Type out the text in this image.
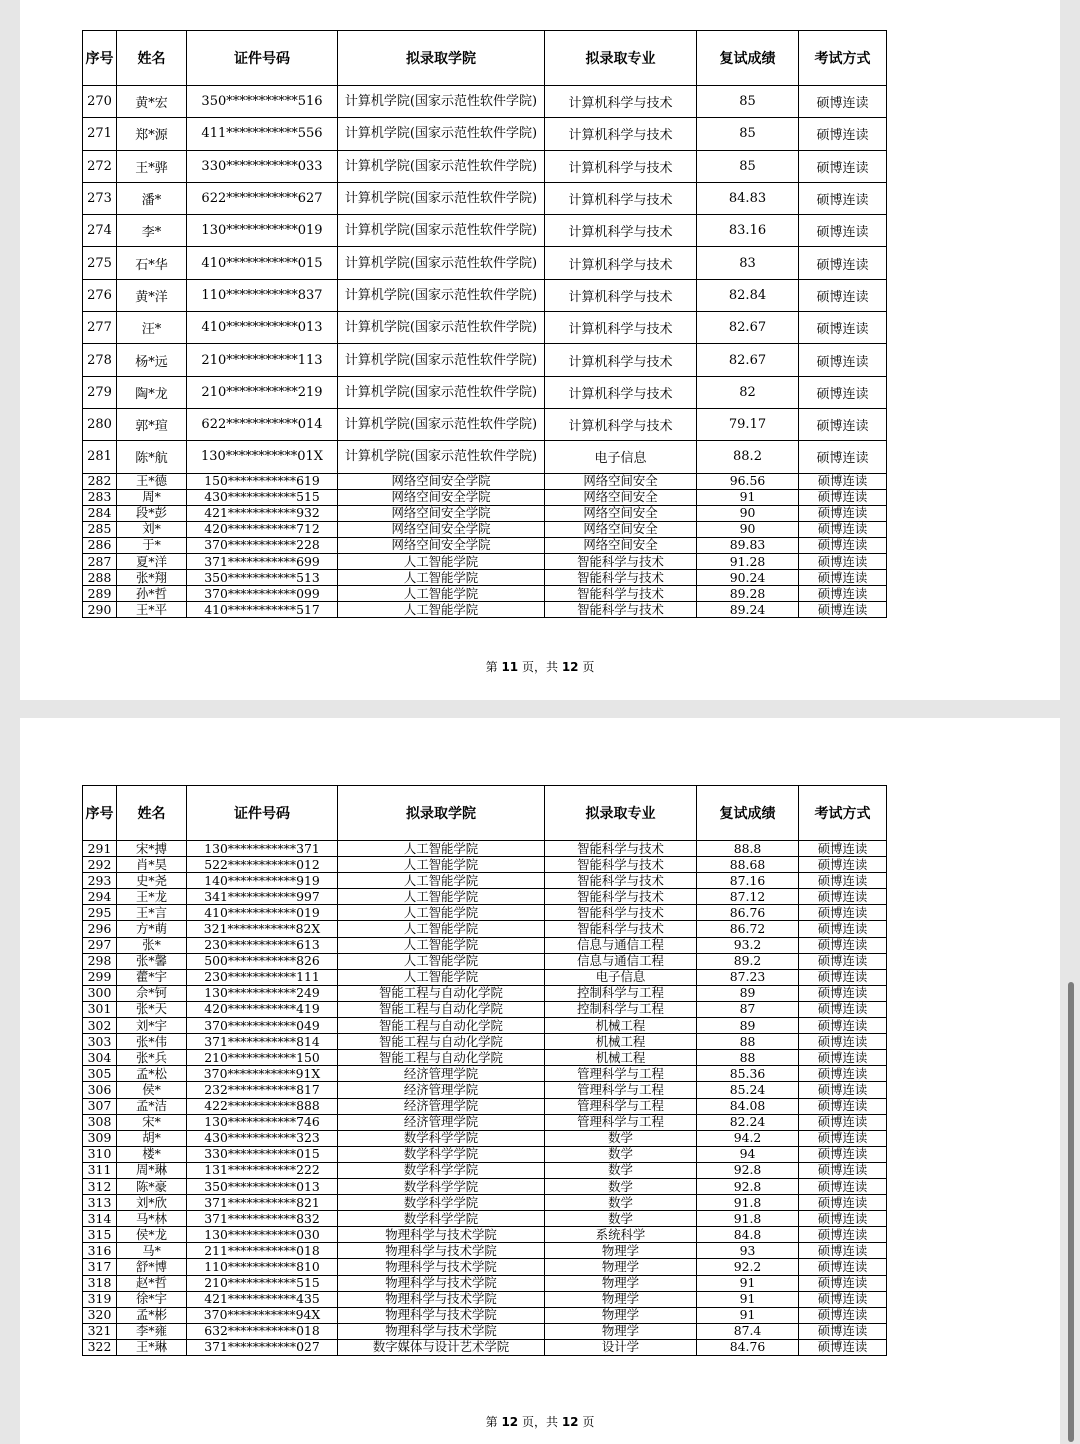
序号	姓名	证件号码	拟录取学院	拟录取专业	复试成绩	考试方式
270	黄*宏	350***********516	计算机学院(国家示范性软件学院)	计算机科学与技术	85	硕博连读
271	郑*源	411***********556	计算机学院(国家示范性软件学院)	计算机科学与技术	85	硕博连读
272	王*骅	330***********033	计算机学院(国家示范性软件学院)	计算机科学与技术	85	硕博连读
273	潘*	622***********627	计算机学院(国家示范性软件学院)	计算机科学与技术	84.83	硕博连读
274	李*	130***********019	计算机学院(国家示范性软件学院)	计算机科学与技术	83.16	硕博连读
275	石*华	410***********015	计算机学院(国家示范性软件学院)	计算机科学与技术	83	硕博连读
276	黄*洋	110***********837	计算机学院(国家示范性软件学院)	计算机科学与技术	82.84	硕博连读
277	汪*	410***********013	计算机学院(国家示范性软件学院)	计算机科学与技术	82.67	硕博连读
278	杨*远	210***********113	计算机学院(国家示范性软件学院)	计算机科学与技术	82.67	硕博连读
279	陶*龙	210***********219	计算机学院(国家示范性软件学院)	计算机科学与技术	82	硕博连读
280	郭*瑄	622***********014	计算机学院(国家示范性软件学院)	计算机科学与技术	79.17	硕博连读
281	陈*航	130***********01X	计算机学院(国家示范性软件学院)	电子信息	88.2	硕博连读
282	王*德	150***********619	网络空间安全学院	网络空间安全	96.56	硕博连读
283	周*	430***********515	网络空间安全学院	网络空间安全	91	硕博连读
284	段*彭	421***********932	网络空间安全学院	网络空间安全	90	硕博连读
285	刘*	420***********712	网络空间安全学院	网络空间安全	90	硕博连读
286	于*	370***********228	网络空间安全学院	网络空间安全	89.83	硕博连读
287	夏*洋	371***********699	人工智能学院	智能科学与技术	91.28	硕博连读
288	张*翔	350***********513	人工智能学院	智能科学与技术	90.24	硕博连读
289	孙*哲	370***********099	人工智能学院	智能科学与技术	89.28	硕博连读
290	王*平	410***********517	人工智能学院	智能科学与技术	89.24	硕博连读
第 11 页，共 12 页
序号	姓名	证件号码	拟录取学院	拟录取专业	复试成绩	考试方式
291	宋*搏	130***********371	人工智能学院	智能科学与技术	88.8	硕博连读
292	肖*昊	522***********012	人工智能学院	智能科学与技术	88.68	硕博连读
293	史*尧	140***********919	人工智能学院	智能科学与技术	87.16	硕博连读
294	王*龙	341***********997	人工智能学院	智能科学与技术	87.12	硕博连读
295	王*言	410***********019	人工智能学院	智能科学与技术	86.76	硕博连读
296	方*萌	321***********82X	人工智能学院	智能科学与技术	86.72	硕博连读
297	张*	230***********613	人工智能学院	信息与通信工程	93.2	硕博连读
298	张*馨	500***********826	人工智能学院	信息与通信工程	89.2	硕博连读
299	藿*宇	230***********111	人工智能学院	电子信息	87.23	硕博连读
300	佘*钶	130***********249	智能工程与自动化学院	控制科学与工程	89	硕博连读
301	张*天	420***********419	智能工程与自动化学院	控制科学与工程	87	硕博连读
302	刘*宇	370***********049	智能工程与自动化学院	机械工程	89	硕博连读
303	张*伟	371***********814	智能工程与自动化学院	机械工程	88	硕博连读
304	张*兵	210***********150	智能工程与自动化学院	机械工程	88	硕博连读
305	孟*松	370***********91X	经济管理学院	管理科学与工程	85.36	硕博连读
306	侯*	232***********817	经济管理学院	管理科学与工程	85.24	硕博连读
307	孟*洁	422***********888	经济管理学院	管理科学与工程	84.08	硕博连读
308	宋*	130***********746	经济管理学院	管理科学与工程	82.24	硕博连读
309	胡*	430***********323	数学科学学院	数学	94.2	硕博连读
310	楼*	330***********015	数学科学学院	数学	94	硕博连读
311	周*琳	131***********222	数学科学学院	数学	92.8	硕博连读
312	陈*豪	350***********013	数学科学学院	数学	92.8	硕博连读
313	刘*欣	371***********821	数学科学学院	数学	91.8	硕博连读
314	马*林	371***********832	数学科学学院	数学	91.8	硕博连读
315	侯*龙	130***********030	物理科学与技术学院	系统科学	84.8	硕博连读
316	马*	211***********018	物理科学与技术学院	物理学	93	硕博连读
317	舒*博	110***********810	物理科学与技术学院	物理学	92.2	硕博连读
318	赵*哲	210***********515	物理科学与技术学院	物理学	91	硕博连读
319	徐*宇	421***********435	物理科学与技术学院	物理学	91	硕博连读
320	孟*彬	370***********94X	物理科学与技术学院	物理学	91	硕博连读
321	李*雍	632***********018	物理科学与技术学院	物理学	87.4	硕博连读
322	王*琳	371***********027	数字媒体与设计艺术学院	设计学	84.76	硕博连读
第 12 页，共 12 页
